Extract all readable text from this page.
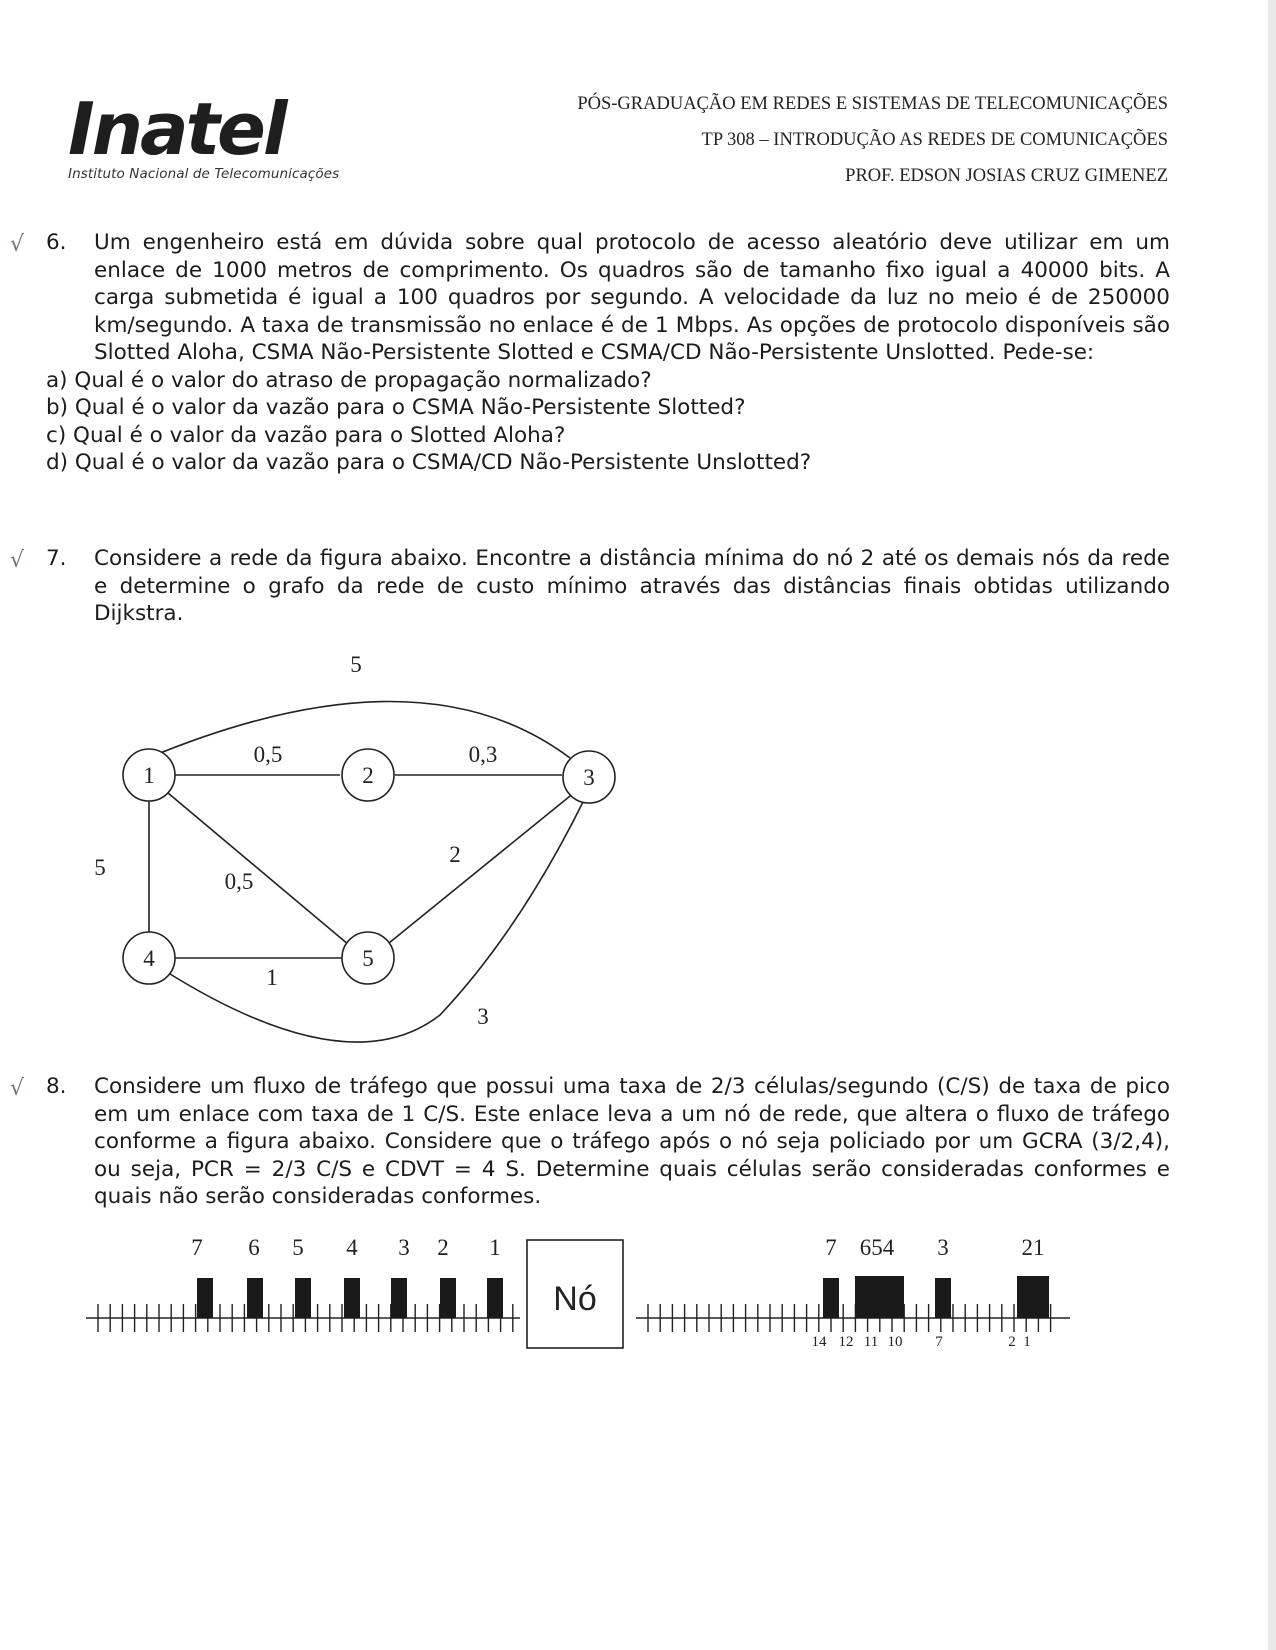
Inatel
Instituto Nacional de Telecomunicações
PÓS-GRADUAÇÃO EM REDES E SISTEMAS DE TELECOMUNICAÇÕES
TP 308 – INTRODUÇÃO AS REDES DE COMUNICAÇÕES
PROF. EDSON JOSIAS CRUZ GIMENEZ
√ 6.	Um engenheiro está em dúvida sobre qual protocolo de acesso aleatório deve utilizar em um enlace de 1000 metros de comprimento. Os quadros são de tamanho fixo igual a 40000 bits. A carga submetida é igual a 100 quadros por segundo. A velocidade da luz no meio é de 250000 km/segundo. A taxa de transmissão no enlace é de 1 Mbps. As opções de protocolo disponíveis são Slotted Aloha, CSMA Não-Persistente Slotted e CSMA/CD Não-Persistente Unslotted. Pede-se:
a) Qual é o valor do atraso de propagação normalizado?
b) Qual é o valor da vazão para o CSMA Não-Persistente Slotted?
c) Qual é o valor da vazão para o Slotted Aloha?
d) Qual é o valor da vazão para o CSMA/CD Não-Persistente Unslotted?
√ 7.	Considere a rede da figura abaixo. Encontre a distância mínima do nó 2 até os demais nós da rede e determine o grafo da rede de custo mínimo através das distâncias finais obtidas utilizando Dijkstra.
1	2	3
4	5
0,5	0,3
5
5
0,5
2
1
3
√ 8.	Considere um fluxo de tráfego que possui uma taxa de 2/3 células/segundo (C/S) de taxa de pico em um enlace com taxa de 1 C/S. Este enlace leva a um nó de rede, que altera o fluxo de tráfego conforme a figura abaixo. Considere que o tráfego após o nó seja policiado por um GCRA (3/2,4), ou seja, PCR = 2/3 C/S e CDVT = 4 S. Determine quais células serão consideradas conformes e quais não serão consideradas conformes.
7 6 5 4 3 2 1
Nó
7 654 3	21
14 12 11 10 7	2 1
